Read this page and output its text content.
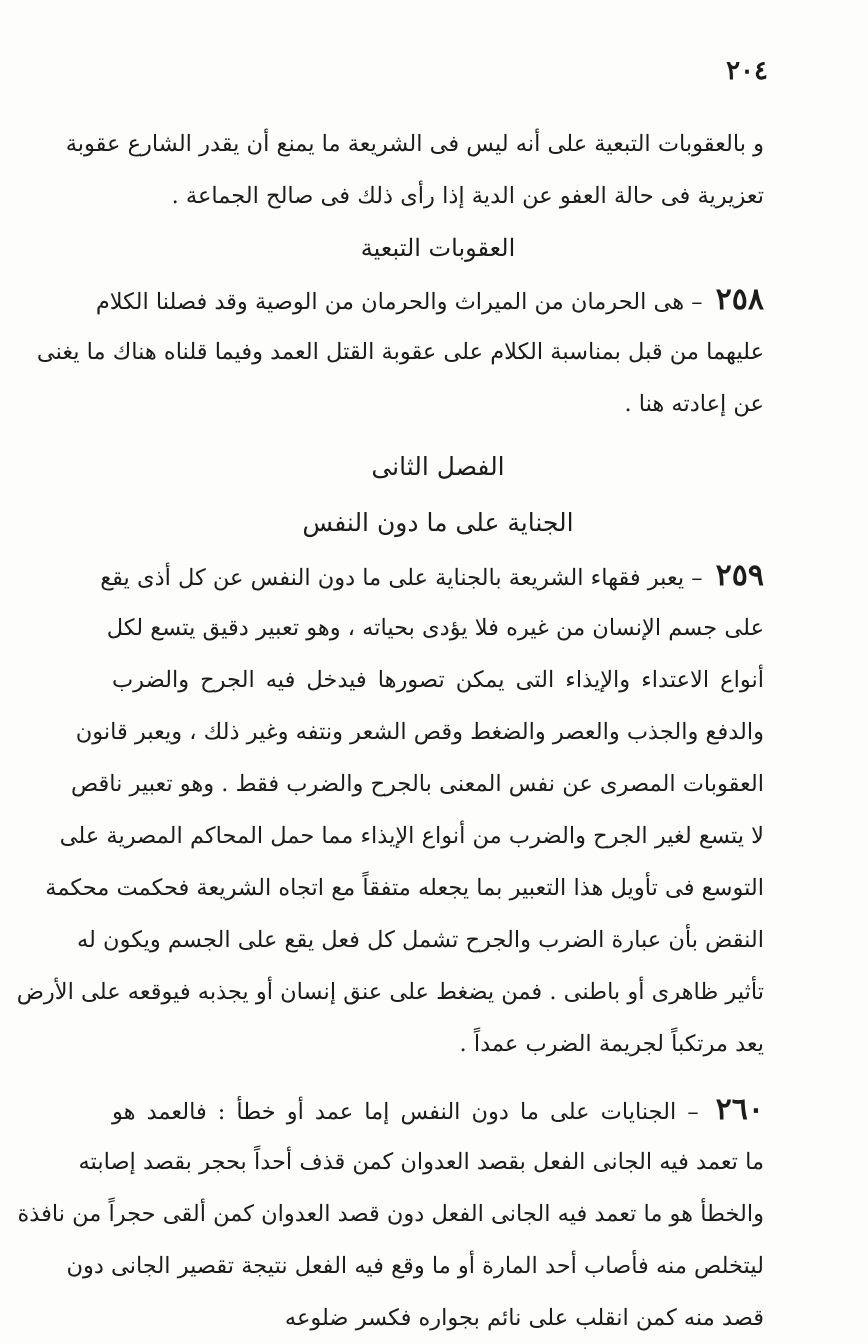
٢٠٤
و بالعقوبات التبعية على أنه ليس فى الشريعة ما يمنع أن يقدر الشارع عقوبة
تعزيرية فى حالة العفو عن الدية إذا رأى ذلك فى صالح الجماعة .
العقوبات التبعية
٢٥٨ – هى الحرمان من الميراث والحرمان من الوصية وقد فصلنا الكلام
عليهما من قبل بمناسبة الكلام على عقوبة القتل العمد وفيما قلناه هناك ما يغنى
عن إعادته هنا .
الفصل الثانى
الجناية على ما دون النفس
٢٥٩ – يعبر فقهاء الشريعة بالجناية على ما دون النفس عن كل أذى يقع
على جسم الإنسان من غيره فلا يؤدى بحياته ، وهو تعبير دقيق يتسع لكل
أنواع الاعتداء والإيذاء التى يمكن تصورها فيدخل فيه الجرح والضرب
والدفع والجذب والعصر والضغط وقص الشعر ونتفه وغير ذلك ، ويعبر قانون
العقوبات المصرى عن نفس المعنى بالجرح والضرب فقط . وهو تعبير ناقص
لا يتسع لغير الجرح والضرب من أنواع الإيذاء مما حمل المحاكم المصرية على
التوسع فى تأويل هذا التعبير بما يجعله متفقاً مع اتجاه الشريعة فحكمت محكمة
النقض بأن عبارة الضرب والجرح تشمل كل فعل يقع على الجسم ويكون له
تأثير ظاهرى أو باطنى . فمن يضغط على عنق إنسان أو يجذبه فيوقعه على الأرض
يعد مرتكباً لجريمة الضرب عمداً .
٢٦٠ – الجنايات على ما دون النفس إما عمد أو خطأ : فالعمد هو
ما تعمد فيه الجانى الفعل بقصد العدوان كمن قذف أحداً بحجر بقصد إصابته
والخطأ هو ما تعمد فيه الجانى الفعل دون قصد العدوان كمن ألقى حجراً من نافذة
ليتخلص منه فأصاب أحد المارة أو ما وقع فيه الفعل نتيجة تقصير الجانى دون
قصد منه كمن انقلب على نائم بجواره فكسر ضلوعه
